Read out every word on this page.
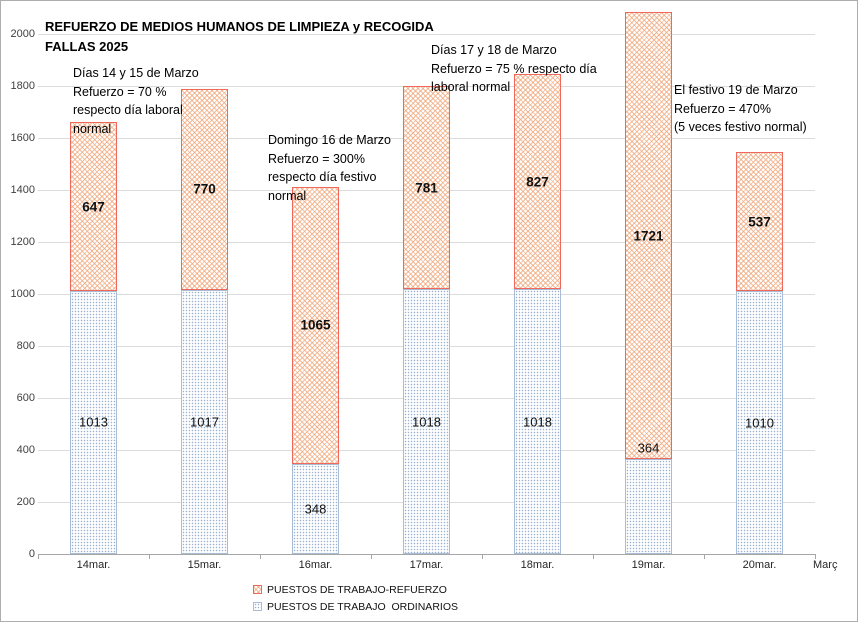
REFUERZO DE MEDIOS HUMANOS DE LIMPIEZA y RECOGIDA
FALLAS 2025
0
200
400
600
800
1000
1200
1400
1600
1800
2000
647
1013
14mar.
770
1017
15mar.
1065
348
16mar.
781
1018
17mar.
827
1018
18mar.
1721
364
19mar.
537
1010
20mar.
Días 14 y 15 de Marzo
Refuerzo = 70 %
respecto día laboral
normal
Domingo 16 de Marzo
Refuerzo = 300%
respecto día festivo
normal
Días 17 y 18 de Marzo
Refuerzo = 75 % respecto día
laboral normal	El festivo 19 de Marzo
Refuerzo = 470%
(5 veces festivo normal)
Març
PUESTOS DE TRABAJO-REFUERZO
PUESTOS DE TRABAJO  ORDINARIOS
